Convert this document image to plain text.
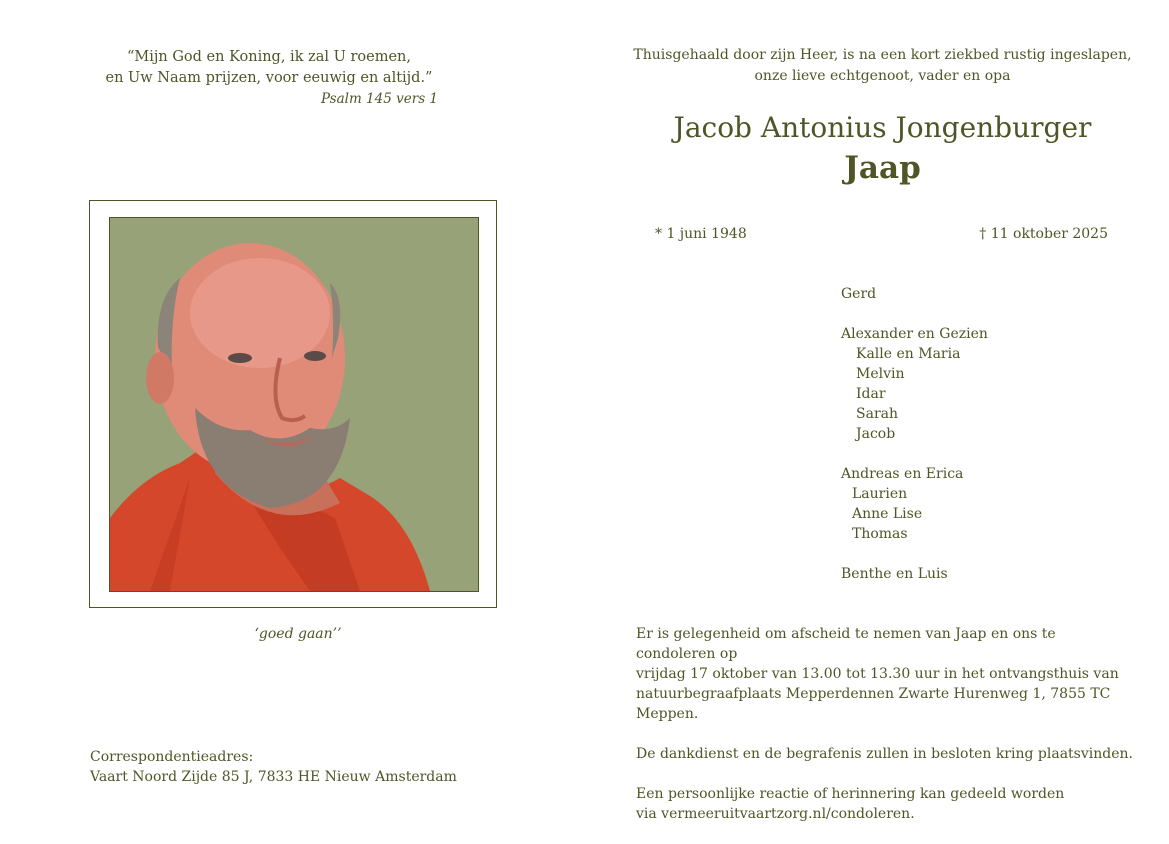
“Mijn God en Koning, ik zal U roemen,
en Uw Naam prijzen, voor eeuwig en altijd.”
Psalm 145 vers 1
‘goed gaan’’
Correspondentieadres:
Vaart Noord Zijde 85 J, 7833 HE Nieuw Amsterdam
Thuisgehaald door zijn Heer, is na een kort ziekbed rustig ingeslapen,
onze lieve echtgenoot, vader en opa
Jacob Antonius Jongenburger
Jaap
* 1 juni 1948	† 11 oktober 2025
Gerd
Alexander en Gezien
Kalle en Maria
Melvin
Idar
Sarah
Jacob
Andreas en Erica
Laurien
Anne Lise
Thomas
Benthe en Luis

Er is gelegenheid om afscheid te nemen van Jaap en ons te condoleren op
vrijdag 17 oktober van 13.00 tot 13.30 uur in het ontvangsthuis van
natuurbegraafplaats Mepperdennen Zwarte Hurenweg 1, 7855 TC Meppen.

De dankdienst en de begrafenis zullen in besloten kring plaatsvinden.

Een persoonlijke reactie of herinnering kan gedeeld worden
via vermeeruitvaartzorg.nl/condoleren.
